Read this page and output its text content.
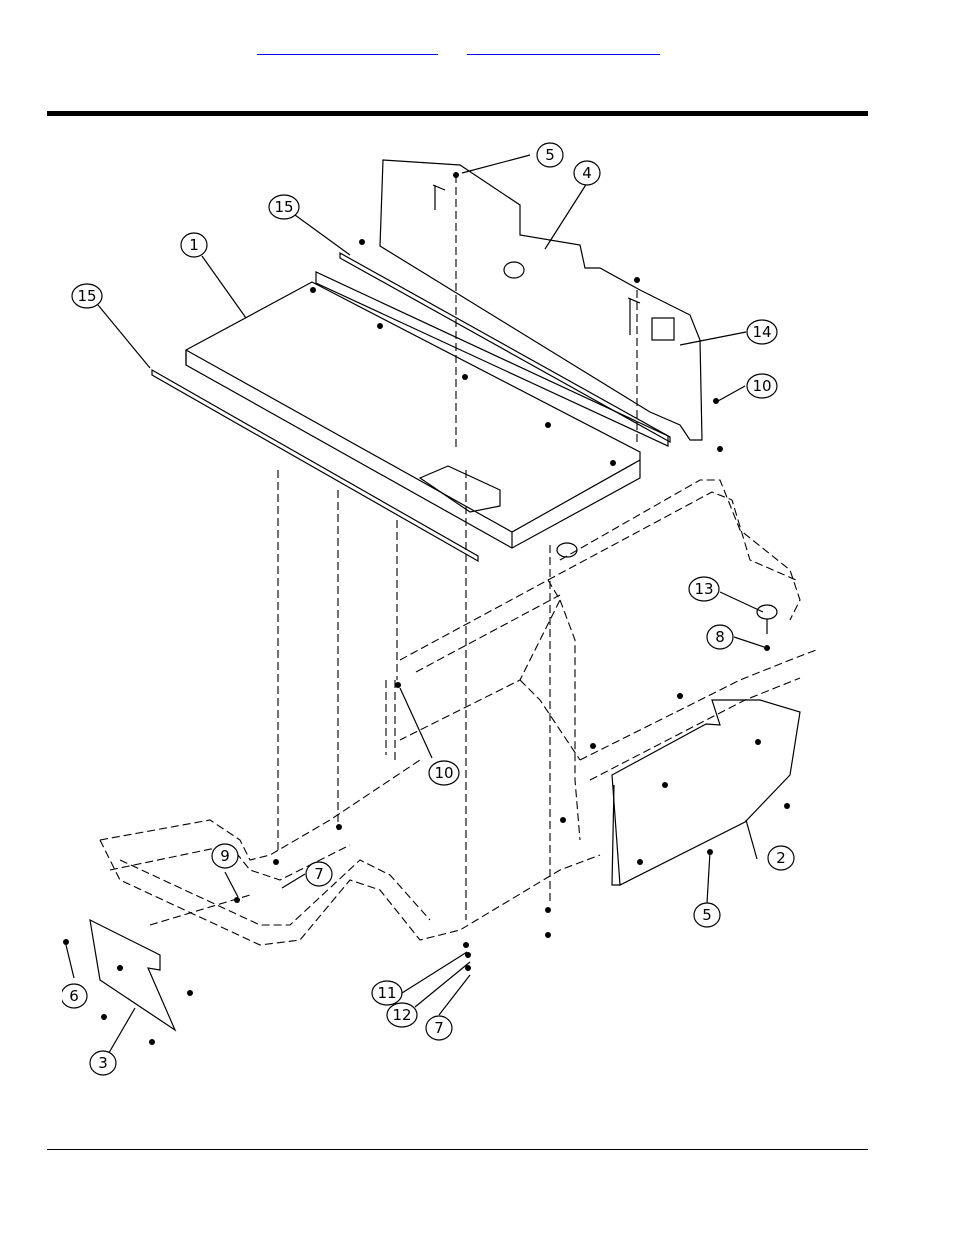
1
2
3
4
5
5
6
7
7
8
9
10
10
11
12
13
14
15
15
